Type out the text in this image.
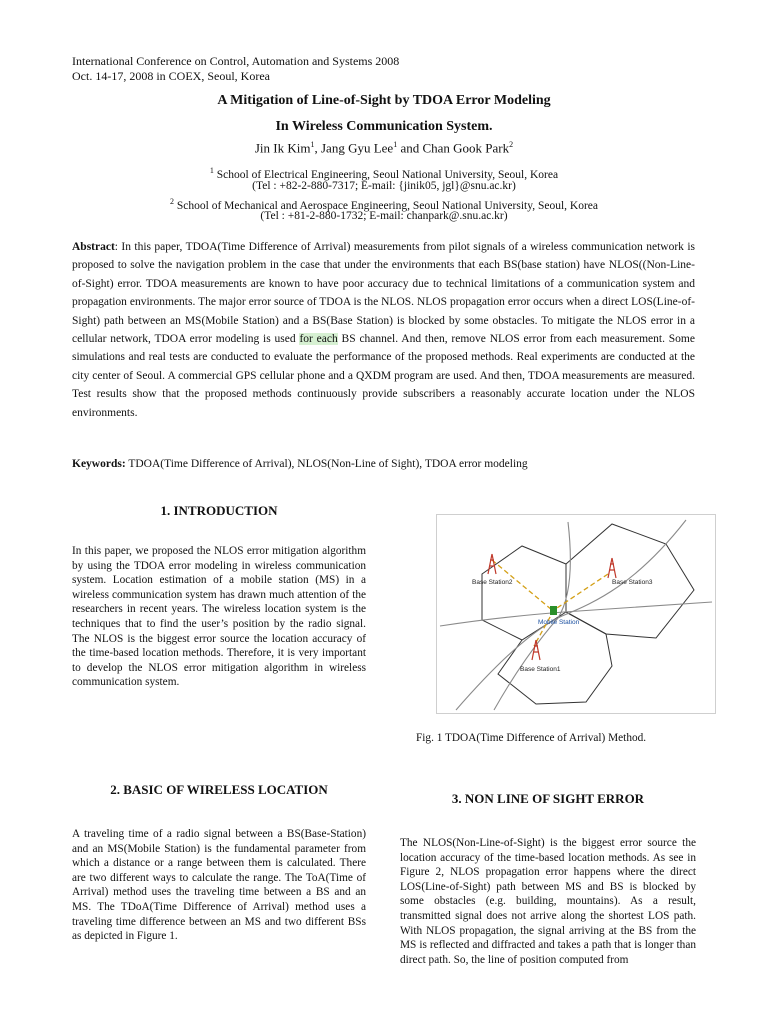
International Conference on Control, Automation and Systems 2008
Oct. 14-17, 2008 in COEX, Seoul, Korea
A Mitigation of Line-of-Sight by TDOA Error Modeling
In Wireless Communication System.
Jin Ik Kim$^1$, Jang Gyu Lee$^1$ and Chan Gook Park$^2$
$^1$ School of Electrical Engineering, Seoul National University, Seoul, Korea
(Tel : +82-2-880-7317; E-mail: {jinik05, jgl}@snu.ac.kr)
$^2$ School of Mechanical and Aerospace Engineering, Seoul National University, Seoul, Korea
(Tel : +81-2-880-1732; E-mail: chanpark@.snu.ac.kr)
Abstract: In this paper, TDOA(Time Difference of Arrival) measurements from pilot signals of a wireless communication network is proposed to solve the navigation problem in the case that under the environments that each BS(base station) have NLOS((Non-Line-of-Sight) error. TDOA measurements are known to have poor accuracy due to technical limitations of a communication system and propagation environments. The major error source of TDOA is the NLOS. NLOS propagation error occurs when a direct LOS(Line-of-Sight) path between an MS(Mobile Station) and a BS(Base Station) is blocked by some obstacles. To mitigate the NLOS error in a cellular network, TDOA error modeling is used for each BS channel. And then, remove NLOS error from each measurement. Some simulations and real tests are conducted to evaluate the performance of the proposed methods. Real experiments are conducted at the city center of Seoul. A commercial GPS cellular phone and a QXDM program are used. And then, TDOA measurements are measured. Test results show that the proposed methods continuously provide subscribers a reasonably accurate location under the NLOS environments.
Keywords: TDOA(Time Difference of Arrival), NLOS(Non-Line of Sight), TDOA error modeling
1. INTRODUCTION
In this paper, we proposed the NLOS error mitigation algorithm by using the TDOA error modeling in wireless communication system. Location estimation of a mobile station (MS) in a wireless communication system has drawn much attention of the researchers in recent years. The wireless location system is the techniques that to find the user’s position by the radio signal. The NLOS is the biggest error source the location accuracy of the time-based location methods. Therefore, it is very important to develop the NLOS error mitigation algorithm in wireless communication system.
Base Station2	Base Station3
Mobile Station
Base Station1
Fig. 1 TDOA(Time Difference of Arrival) Method.
2. BASIC OF WIRELESS LOCATION
A traveling time of a radio signal between a BS(Base-Station) and an MS(Mobile Station) is the fundamental parameter from which a distance or a range between them is calculated. There are two different ways to calculate the range. The ToA(Time of Arrival) method uses the traveling time between a BS and an MS. The TDoA(Time Difference of Arrival) method uses a traveling time difference between an MS and two different BSs as depicted in Figure 1.
3. NON LINE OF SIGHT ERROR
The NLOS(Non-Line-of-Sight) is the biggest error source the location accuracy of the time-based location methods. As see in Figure 2, NLOS propagation error happens where the direct LOS(Line-of-Sight) path between MS and BS is blocked by some obstacles (e.g. building, mountains). As a result, transmitted signal does not arrive along the shortest LOS path. With NLOS propagation, the signal arriving at the BS from the MS is reflected and diffracted and takes a path that is longer than direct path. So, the line of position computed from
